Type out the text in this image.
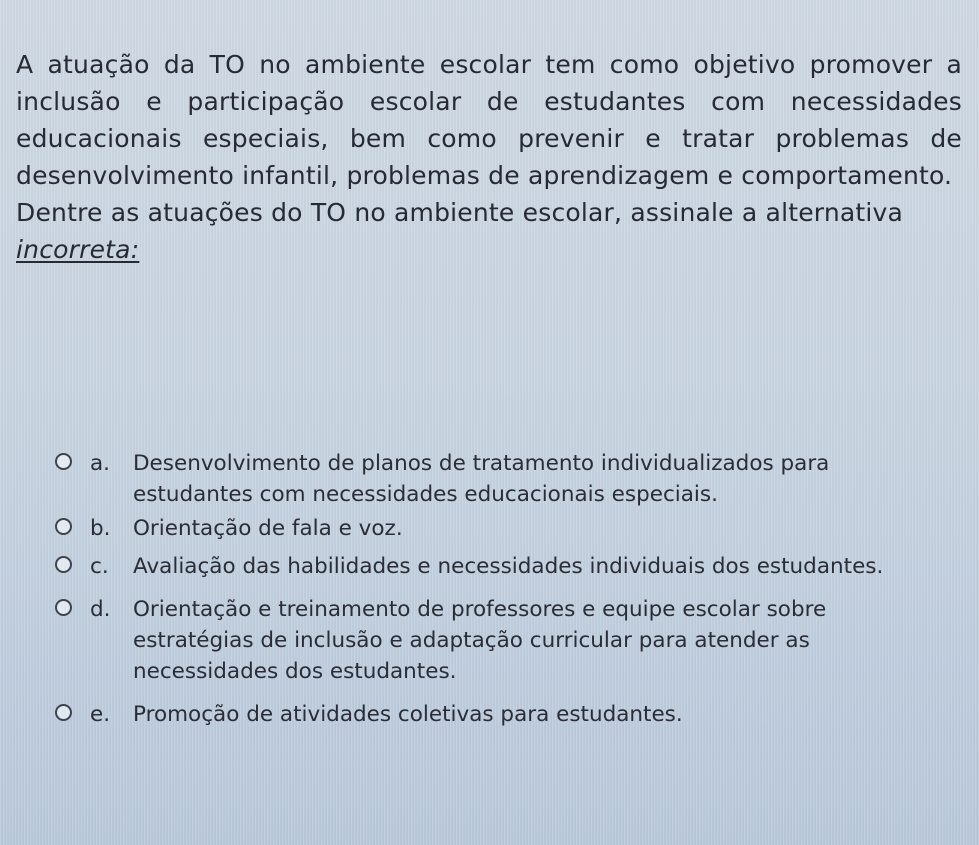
A atuação da TO no ambiente escolar tem como objetivo promover a inclusão e participação escolar de estudantes com necessidades educacionais especiais, bem como prevenir e tratar problemas de desenvolvimento infantil, problemas de aprendizagem e comportamento.
Dentre as atuações do TO no ambiente escolar, assinale a alternativa
incorreta:
a.	Desenvolvimento de planos de tratamento individualizados para estudantes com necessidades educacionais especiais.
b.	Orientação de fala e voz.
c.	Avaliação das habilidades e necessidades individuais dos estudantes.
d.	Orientação e treinamento de professores e equipe escolar sobre estratégias de inclusão e adaptação curricular para atender as necessidades dos estudantes.
e.	Promoção de atividades coletivas para estudantes.
